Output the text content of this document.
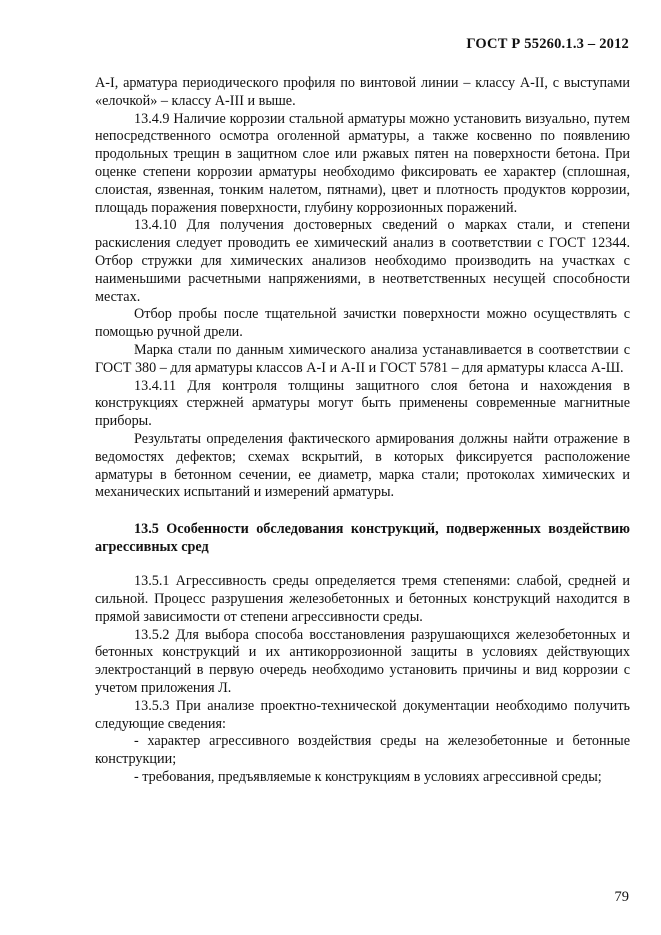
ГОСТ Р 55260.1.3 – 2012

А-I, арматура периодического профиля по винтовой линии – классу А-II, с выступами «елочкой» – классу А-III и выше.

13.4.9 Наличие коррозии стальной арматуры можно установить визуально, путем непосредственного осмотра оголенной арматуры, а также косвенно по появлению продольных трещин в защитном слое или ржавых пятен на поверхности бетона. При оценке степени коррозии арматуры необходимо фиксировать ее характер (сплошная, слоистая, язвенная, тонким налетом, пятнами), цвет и плотность продуктов коррозии, площадь поражения поверхности, глубину коррозионных поражений.

13.4.10 Для получения достоверных сведений о марках стали, и степени раскисления следует проводить ее химический анализ в соответствии с ГОСТ 12344. Отбор стружки для химических анализов необходимо производить на участках с наименьшими расчетными напряжениями, в неответственных несущей способности местах.

Отбор пробы после тщательной зачистки поверхности можно осуществлять с помощью ручной дрели.

Марка стали по данным химического анализа устанавливается в соответствии с ГОСТ 380 – для арматуры классов А-I и А-II и ГОСТ 5781 – для арматуры класса А-Ш.

13.4.11 Для контроля толщины защитного слоя бетона и нахождения в конструкциях стержней арматуры могут быть применены современные магнитные приборы.

Результаты определения фактического армирования должны найти отражение в ведомостях дефектов; схемах вскрытий, в которых фиксируется расположение арматуры в бетонном сечении, ее диаметр, марка стали; протоколах химических и механических испытаний и измерений арматуры.

13.5 Особенности обследования конструкций, подверженных воздействию агрессивных сред

13.5.1 Агрессивность среды определяется тремя степенями: слабой, средней и сильной. Процесс разрушения железобетонных и бетонных конструкций находится в прямой зависимости от степени агрессивности среды.

13.5.2 Для выбора способа восстановления разрушающихся железобетонных и бетонных конструкций и их антикоррозионной защиты в условиях действующих электростанций в первую очередь необходимо установить причины и вид коррозии с учетом приложения Л.

13.5.3 При анализе проектно-технической документации необходимо получить следующие сведения:

- характер агрессивного воздействия среды на железобетонные и бетонные конструкции;

- требования, предъявляемые к конструкциям в условиях агрессивной среды;

79
